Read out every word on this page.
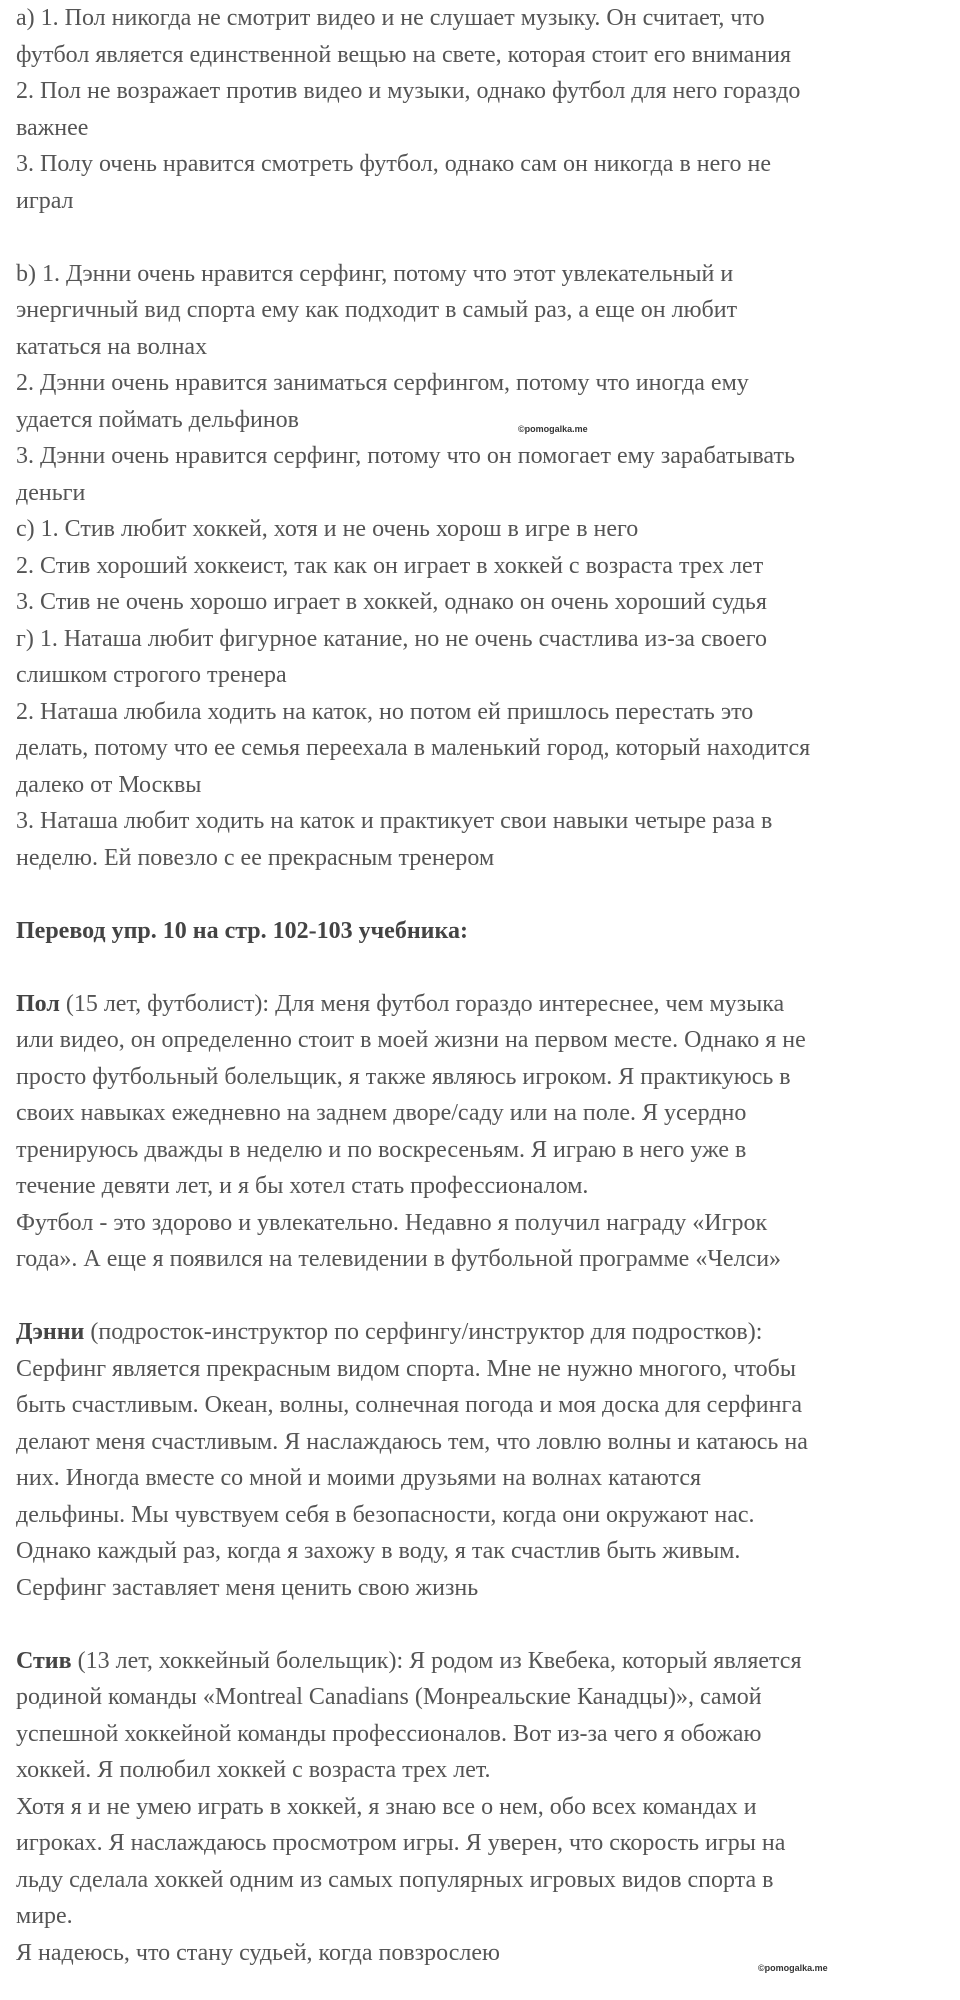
a) 1. Пол никогда не смотрит видео и не слушает музыку. Он считает, что
футбол является единственной вещью на свете, которая стоит его внимания
2. Пол не возражает против видео и музыки, однако футбол для него гораздо
важнее
3. Полу очень нравится смотреть футбол, однако сам он никогда в него не
играл
b) 1. Дэнни очень нравится серфинг, потому что этот увлекательный и
энергичный вид спорта ему как подходит в самый раз, а еще он любит
кататься на волнах
2. Дэнни очень нравится заниматься серфингом, потому что иногда ему
удается поймать дельфинов
3. Дэнни очень нравится серфинг, потому что он помогает ему зарабатывать
деньги
c) 1. Стив любит хоккей, хотя и не очень хорош в игре в него
2. Стив хороший хоккеист, так как он играет в хоккей с возраста трех лет
3. Стив не очень хорошо играет в хоккей, однако он очень хороший судья
г) 1. Наташа любит фигурное катание, но не очень счастлива из-за своего
слишком строгого тренера
2. Наташа любила ходить на каток, но потом ей пришлось перестать это
делать, потому что ее семья переехала в маленький город, который находится
далеко от Москвы
3. Наташа любит ходить на каток и практикует свои навыки четыре раза в
неделю. Ей повезло с ее прекрасным тренером
Перевод упр. 10 на стр. 102-103 учебника:
Пол (15 лет, футболист): Для меня футбол гораздо интереснее, чем музыка
или видео, он определенно стоит в моей жизни на первом месте. Однако я не
просто футбольный болельщик, я также являюсь игроком. Я практикуюсь в
своих навыках ежедневно на заднем дворе/саду или на поле. Я усердно
тренируюсь дважды в неделю и по воскресеньям. Я играю в него уже в
течение девяти лет, и я бы хотел стать профессионалом.
Футбол - это здорово и увлекательно. Недавно я получил награду «Игрок
года». А еще я появился на телевидении в футбольной программе «Челси»
Дэнни (подросток-инструктор по серфингу/инструктор для подростков):
Серфинг является прекрасным видом спорта. Мне не нужно многого, чтобы
быть счастливым. Океан, волны, солнечная погода и моя доска для серфинга
делают меня счастливым. Я наслаждаюсь тем, что ловлю волны и катаюсь на
них. Иногда вместе со мной и моими друзьями на волнах катаются
дельфины. Мы чувствуем себя в безопасности, когда они окружают нас.
Однако каждый раз, когда я захожу в воду, я так счастлив быть живым.
Серфинг заставляет меня ценить свою жизнь
Стив (13 лет, хоккейный болельщик): Я родом из Квебека, который является
родиной команды «Montreal Canadians (Монреальские Канадцы)», самой
успешной хоккейной команды профессионалов. Вот из-за чего я обожаю
хоккей. Я полюбил хоккей с возраста трех лет.
Хотя я и не умею играть в хоккей, я знаю все о нем, обо всех командах и
игроках. Я наслаждаюсь просмотром игры. Я уверен, что скорость игры на
льду сделала хоккей одним из самых популярных игровых видов спорта в
мире.
Я надеюсь, что стану судьей, когда повзрослею
©pomogalka.me
©pomogalka.me
